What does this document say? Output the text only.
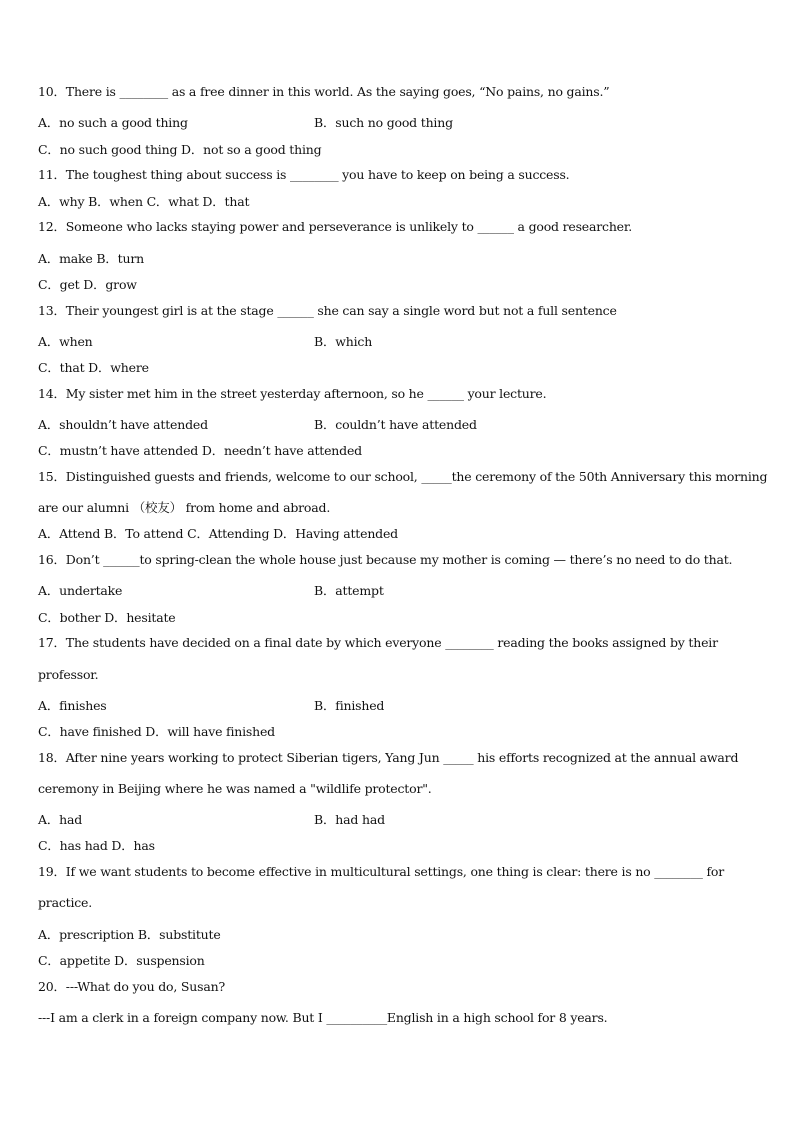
10．There is ________ as a free dinner in this world. As the saying goes, “No pains, no gains.”
A．no such a good thing	B．such no good thing
C．no such good thing D．not so a good thing
11．The toughest thing about success is ________ you have to keep on being a success.
A．why B．when C．what D．that
12．Someone who lacks staying power and perseverance is unlikely to ______ a good researcher.
A．make B．turn
C．get D．grow
13．Their youngest girl is at the stage ______ she can say a single word but not a full sentence
A．when	B．which
C．that D．where
14．My sister met him in the street yesterday afternoon, so he ______ your lecture.
A．shouldn’t have attended	B．couldn’t have attended
C．mustn’t have attended D．needn’t have attended
15．Distinguished guests and friends, welcome to our school, _____the ceremony of the 50th Anniversary this morning
are our alumni （校友） from home and abroad.
A．Attend B．To attend C．Attending D．Having attended
16．Don’t ______to spring-clean the whole house just because my mother is coming — there’s no need to do that.
A．undertake	B．attempt
C．bother D．hesitate
17．The students have decided on a final date by which everyone ________ reading the books assigned by their
professor.
A．finishes	B．finished
C．have finished D．will have finished
18．After nine years working to protect Siberian tigers, Yang Jun _____ his efforts recognized at the annual award
ceremony in Beijing where he was named a "wildlife protector".
A．had	B．had had
C．has had D．has
19．If we want students to become effective in multicultural settings, one thing is clear: there is no ________ for
practice.
A．prescription B．substitute
C．appetite D．suspension
20．---What do you do, Susan?
---I am a clerk in a foreign company now. But I __________English in a high school for 8 years.
